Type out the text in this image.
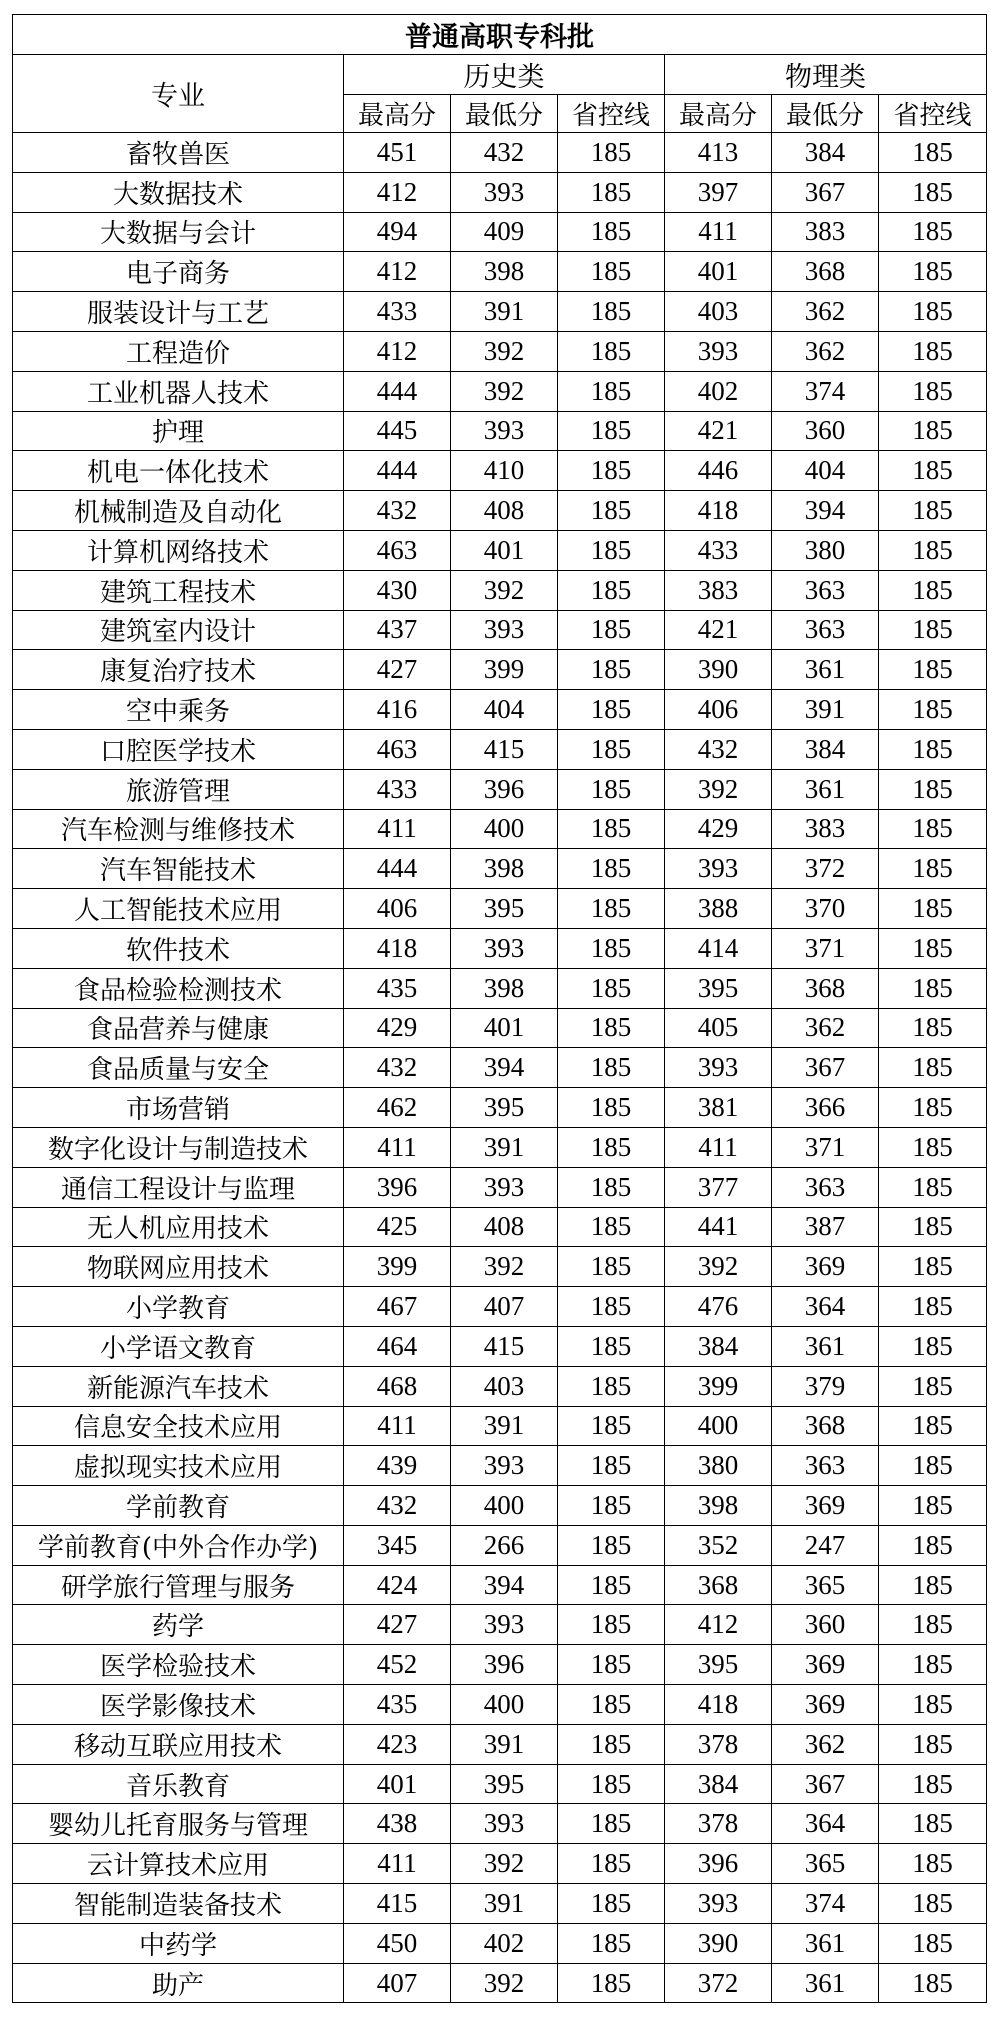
普通高职专科批						
专业	历史类			物理类		
	最高分	最低分	省控线	最高分	最低分	省控线
畜牧兽医	451	432	185	413	384	185
大数据技术	412	393	185	397	367	185
大数据与会计	494	409	185	411	383	185
电子商务	412	398	185	401	368	185
服装设计与工艺	433	391	185	403	362	185
工程造价	412	392	185	393	362	185
工业机器人技术	444	392	185	402	374	185
护理	445	393	185	421	360	185
机电一体化技术	444	410	185	446	404	185
机械制造及自动化	432	408	185	418	394	185
计算机网络技术	463	401	185	433	380	185
建筑工程技术	430	392	185	383	363	185
建筑室内设计	437	393	185	421	363	185
康复治疗技术	427	399	185	390	361	185
空中乘务	416	404	185	406	391	185
口腔医学技术	463	415	185	432	384	185
旅游管理	433	396	185	392	361	185
汽车检测与维修技术	411	400	185	429	383	185
汽车智能技术	444	398	185	393	372	185
人工智能技术应用	406	395	185	388	370	185
软件技术	418	393	185	414	371	185
食品检验检测技术	435	398	185	395	368	185
食品营养与健康	429	401	185	405	362	185
食品质量与安全	432	394	185	393	367	185
市场营销	462	395	185	381	366	185
数字化设计与制造技术	411	391	185	411	371	185
通信工程设计与监理	396	393	185	377	363	185
无人机应用技术	425	408	185	441	387	185
物联网应用技术	399	392	185	392	369	185
小学教育	467	407	185	476	364	185
小学语文教育	464	415	185	384	361	185
新能源汽车技术	468	403	185	399	379	185
信息安全技术应用	411	391	185	400	368	185
虚拟现实技术应用	439	393	185	380	363	185
学前教育	432	400	185	398	369	185
学前教育(中外合作办学)	345	266	185	352	247	185
研学旅行管理与服务	424	394	185	368	365	185
药学	427	393	185	412	360	185
医学检验技术	452	396	185	395	369	185
医学影像技术	435	400	185	418	369	185
移动互联应用技术	423	391	185	378	362	185
音乐教育	401	395	185	384	367	185
婴幼儿托育服务与管理	438	393	185	378	364	185
云计算技术应用	411	392	185	396	365	185
智能制造装备技术	415	391	185	393	374	185
中药学	450	402	185	390	361	185
助产	407	392	185	372	361	185
